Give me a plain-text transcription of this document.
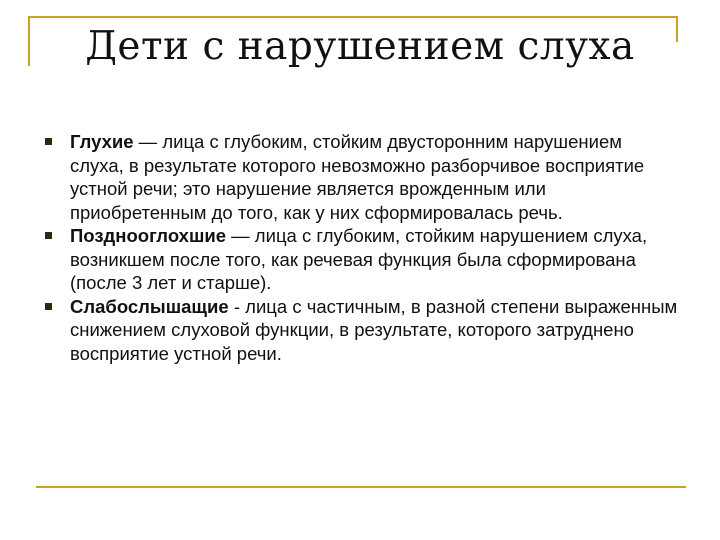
Дети с нарушением слуха
Глухие — лица с глубоким, стойким двусторонним нарушением слуха, в результате которого невозможно разборчивое восприятие устной речи; это нарушение является врожденным или приобретенным до того, как у них сформировалась речь.
Позднооглохшие — лица с глубоким, стойким нарушением слуха, возникшем после того, как речевая функция была сформирована (после 3 лет и старше).
Слабослышащие - лица с частичным, в разной степени выраженным снижением слуховой функции, в результате, которого затруднено восприятие устной речи.
